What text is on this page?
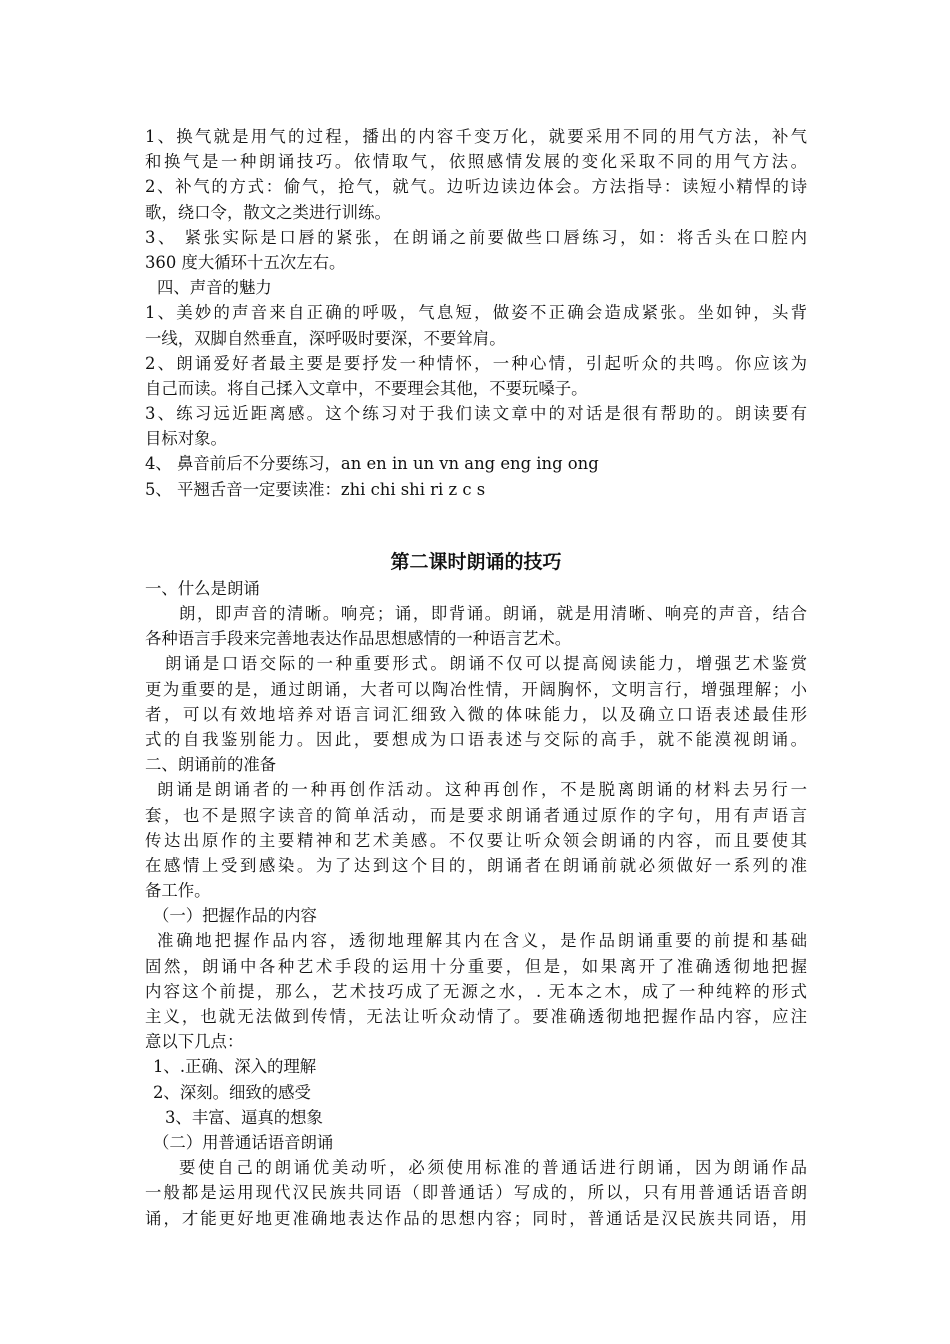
1、换气就是用气的过程，播出的内容千变万化，就要采用不同的用气方法，补气
和换气是一种朗诵技巧。依情取气，依照感情发展的变化采取不同的用气方法。
2、补气的方式：偷气，抢气，就气。边听边读边体会。方法指导：读短小精悍的诗
歌，绕口令，散文之类进行训练。
3、 紧张实际是口唇的紧张，在朗诵之前要做些口唇练习，如：将舌头在口腔内
360 度大循环十五次左右。
四、声音的魅力
1、美妙的声音来自正确的呼吸，气息短，做姿不正确会造成紧张。坐如钟，头背
一线，双脚自然垂直，深呼吸时要深，不要耸肩。
2、朗诵爱好者最主要是要抒发一种情怀，一种心情，引起听众的共鸣。你应该为
自己而读。将自己揉入文章中，不要理会其他，不要玩嗓子。
3、练习远近距离感。这个练习对于我们读文章中的对话是很有帮助的。朗读要有
目标对象。
4、 鼻音前后不分要练习，an en in un vn ang eng ing ong
5、 平翘舌音一定要读准：zhi chi shi ri z c s
第二课时朗诵的技巧
一、什么是朗诵
朗，即声音的清晰。响亮；诵，即背诵。朗诵，就是用清晰、响亮的声音，结合
各种语言手段来完善地表达作品思想感情的一种语言艺术。
朗诵是口语交际的一种重要形式。朗诵不仅可以提高阅读能力，增强艺术鉴赏
更为重要的是，通过朗诵，大者可以陶冶性情，开阔胸怀，文明言行，增强理解；小
者，可以有效地培养对语言词汇细致入微的体味能力，以及确立口语表述最佳形
式的自我鉴别能力。因此，要想成为口语表述与交际的高手，就不能漠视朗诵。
二、朗诵前的准备
朗诵是朗诵者的一种再创作活动。这种再创作，不是脱离朗诵的材料去另行一
套，也不是照字读音的简单活动，而是要求朗诵者通过原作的字句，用有声语言
传达出原作的主要精神和艺术美感。不仅要让听众领会朗诵的内容，而且要使其
在感情上受到感染。为了达到这个目的，朗诵者在朗诵前就必须做好一系列的准
备工作。
（一）把握作品的内容
准确地把握作品内容，透彻地理解其内在含义，是作品朗诵重要的前提和基础
固然，朗诵中各种艺术手段的运用十分重要，但是，如果离开了准确透彻地把握
内容这个前提，那么，艺术技巧成了无源之水，. 无本之木，成了一种纯粹的形式
主义，也就无法做到传情，无法让听众动情了。要准确透彻地把握作品内容，应注
意以下几点：
1、.正确、深入的理解
2、深刻。细致的感受
3、丰富、逼真的想象
（二）用普通话语音朗诵
要使自己的朗诵优美动听，必须使用标准的普通话进行朗诵，因为朗诵作品
一般都是运用现代汉民族共同语（即普通话）写成的，所以，只有用普通话语音朗
诵，才能更好地更准确地表达作品的思想内容；同时，普通话是汉民族共同语，用
